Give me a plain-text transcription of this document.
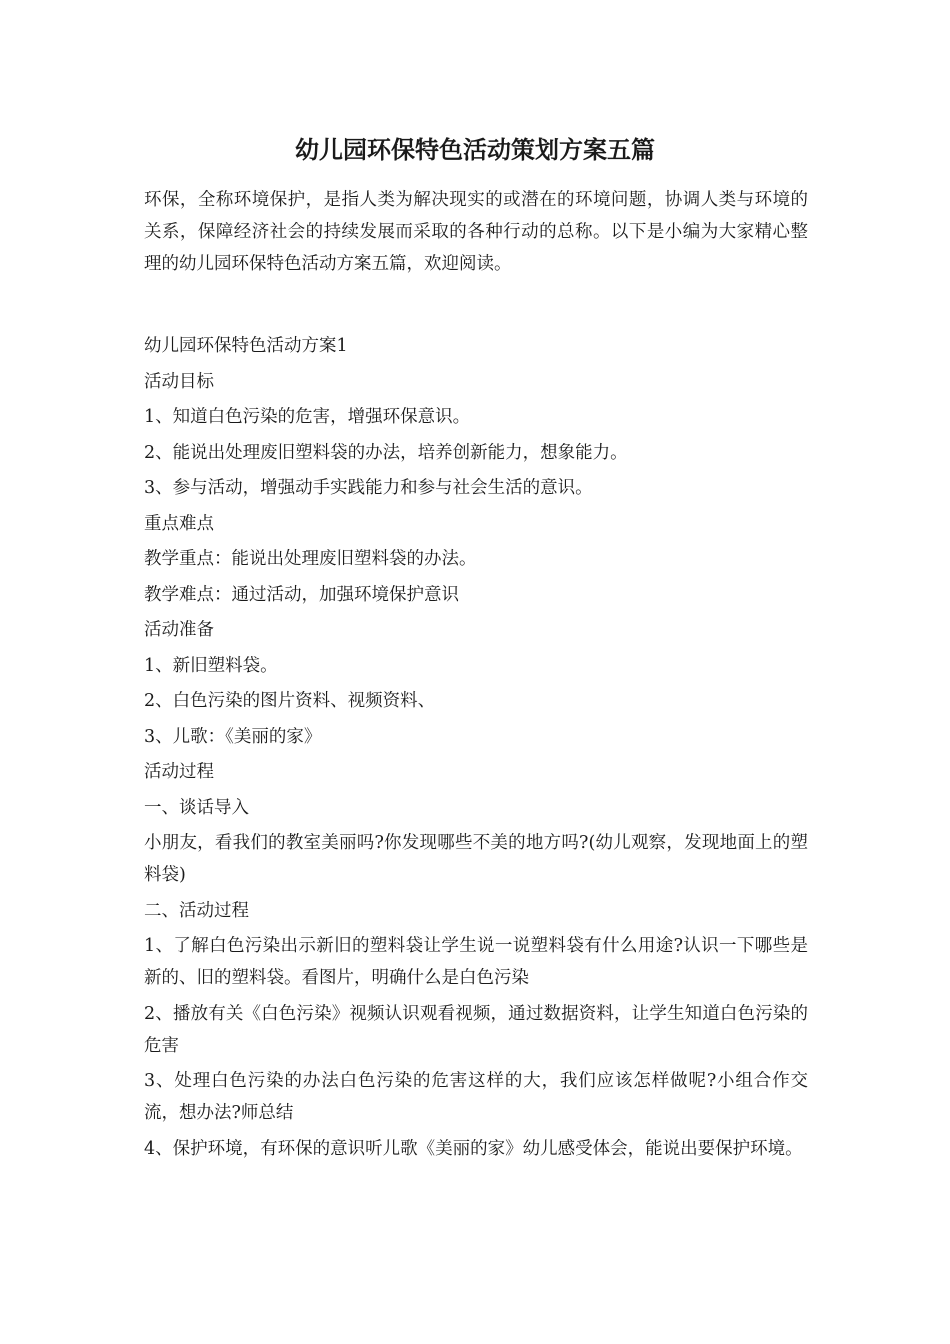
幼儿园环保特色活动策划方案五篇

环保，全称环境保护，是指人类为解决现实的或潜在的环境问题，协调人类与环境的关系，保障经济社会的持续发展而采取的各种行动的总称。以下是小编为大家精心整理的幼儿园环保特色活动方案五篇，欢迎阅读。

幼儿园环保特色活动方案1
活动目标
1、知道白色污染的危害，增强环保意识。
2、能说出处理废旧塑料袋的办法，培养创新能力，想象能力。
3、参与活动，增强动手实践能力和参与社会生活的意识。
重点难点
教学重点：能说出处理废旧塑料袋的办法。
教学难点：通过活动，加强环境保护意识
活动准备
1、新旧塑料袋。
2、白色污染的图片资料、视频资料、
3、儿歌：《美丽的家》
活动过程
一、谈话导入
小朋友，看我们的教室美丽吗?你发现哪些不美的地方吗?(幼儿观察，发现地面上的塑料袋)
二、活动过程
1、了解白色污染出示新旧的塑料袋让学生说一说塑料袋有什么用途?认识一下哪些是新的、旧的塑料袋。看图片，明确什么是白色污染
2、播放有关《白色污染》视频认识观看视频，通过数据资料，让学生知道白色污染的危害
3、处理白色污染的办法白色污染的危害这样的大，我们应该怎样做呢?小组合作交流，想办法?师总结
4、保护环境，有环保的意识听儿歌《美丽的家》幼儿感受体会，能说出要保护环境。
